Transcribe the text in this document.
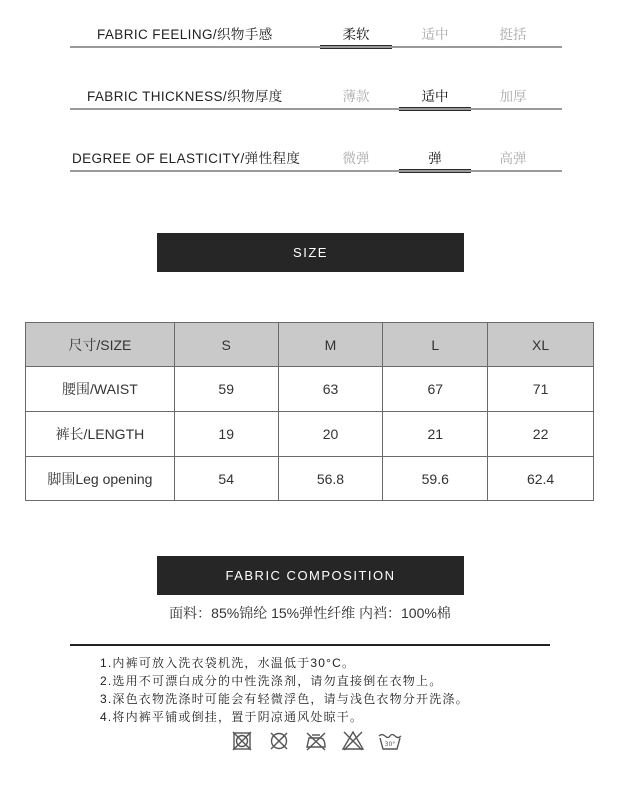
FABRIC FEELING/织物手感	柔软	适中	挺括
FABRIC THICKNESS/织物厚度	薄款	适中	加厚
DEGREE OF ELASTICITY/弹性程度	微弹	弹	高弹
SIZE
尺寸/SIZE	S	M	L	XL
腰围/WAIST	59	63	67	71
裤长/LENGTH	19	20	21	22
脚围Leg opening	54	56.8	59.6	62.4
FABRIC COMPOSITION
面料：85%锦纶 15%弹性纤维 内裆：100%棉
1.内裤可放入洗衣袋机洗，水温低于30°C。
2.选用不可漂白成分的中性洗涤剂，请勿直接倒在衣物上。
3.深色衣物洗涤时可能会有轻微浮色，请与浅色衣物分开洗涤。
4.将内裤平铺或倒挂，置于阴凉通风处晾干。
30°
